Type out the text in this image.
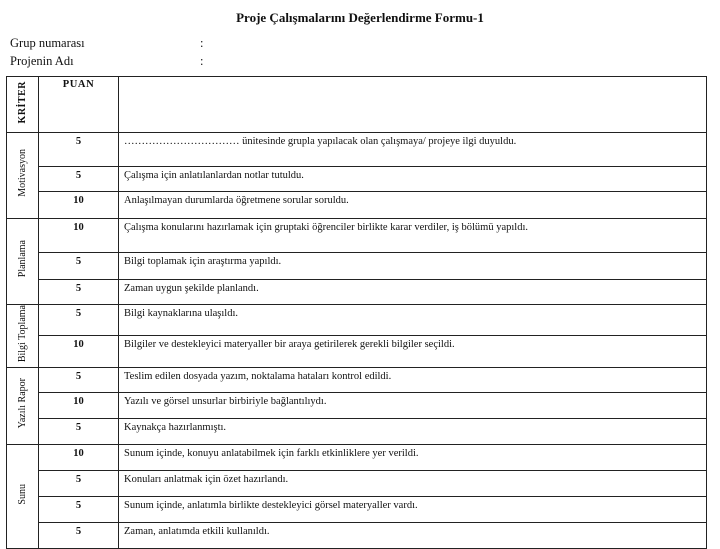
Proje Çalışmalarını Değerlendirme Formu-1
Grup numarası	:
Projenin Adı	:
KRİTER	PUAN	
Motivasyon	5	…………………………… ünitesinde grupla yapılacak olan çalışmaya/ projeye ilgi duyuldu.
	5	Çalışma için anlatılanlardan notlar tutuldu.
	10	Anlaşılmayan durumlarda öğretmene sorular soruldu.
Planlama	10	Çalışma konularını hazırlamak için gruptaki öğrenciler birlikte karar verdiler, iş bölümü yapıldı.
	5	Bilgi toplamak için araştırma yapıldı.
	5	Zaman uygun şekilde planlandı.
Bilgi Toplama	5	Bilgi kaynaklarına ulaşıldı.
	10	Bilgiler ve destekleyici materyaller bir araya getirilerek gerekli bilgiler seçildi.
Yazılı Rapor	5	Teslim edilen dosyada yazım, noktalama hataları kontrol edildi.
	10	Yazılı ve görsel unsurlar birbiriyle bağlantılıydı.
	5	Kaynakça hazırlanmıştı.
Sunu	10	Sunum içinde, konuyu anlatabilmek için farklı etkinliklere yer verildi.
	5	Konuları anlatmak için özet hazırlandı.
	5	Sunum içinde, anlatımla birlikte destekleyici görsel materyaller vardı.
	5	Zaman, anlatımda etkili kullanıldı.
